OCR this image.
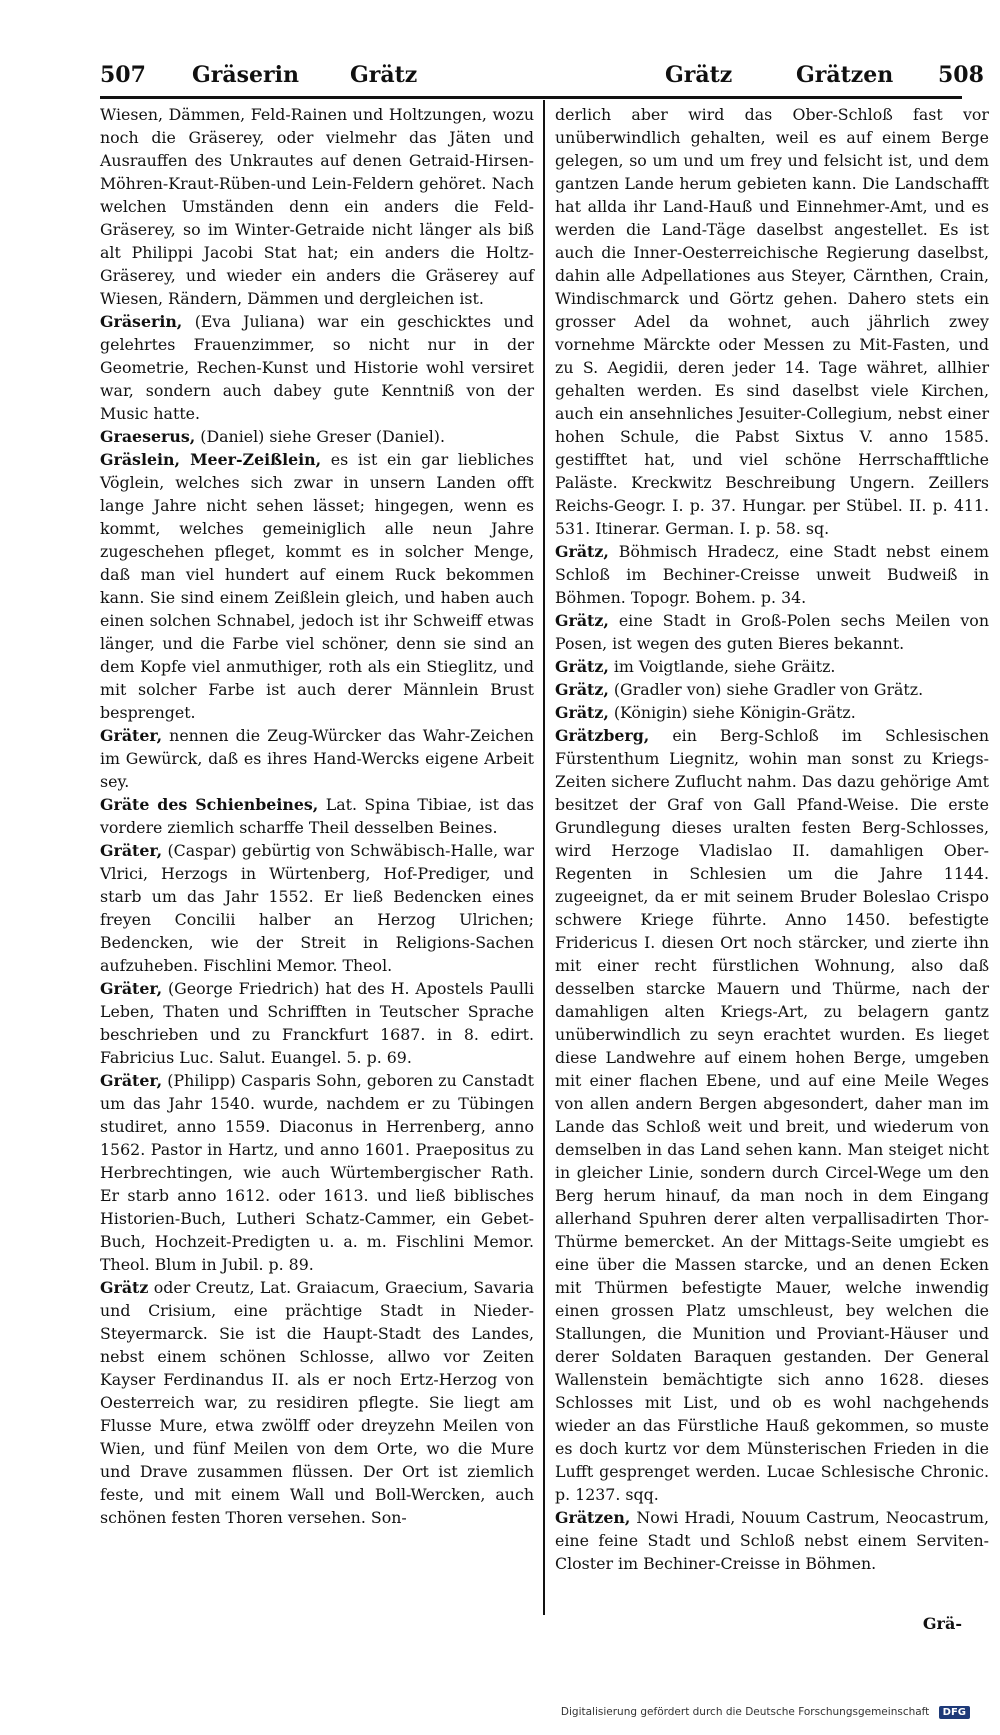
507 Gräserin Grätz	Grätz	Grätzen 508

Wiesen, Dämmen, Feld-Rainen und Holtzungen, wozu noch die Gräserey, oder vielmehr das Jäten und Ausrauffen des Unkrautes auf denen Getraid-Hirsen-Möhren-Kraut-Rüben-und Lein-Feldern gehöret. Nach welchen Umständen denn ein anders die Feld-Gräserey, so im Winter-Getraide nicht länger als biß alt Philippi Jacobi Stat hat; ein anders die Holtz-Gräserey, und wieder ein anders die Gräserey auf Wiesen, Rändern, Dämmen und dergleichen ist.

Gräserin, (Eva Juliana) war ein geschicktes und gelehrtes Frauenzimmer, so nicht nur in der Geometrie, Rechen-Kunst und Historie wohl versiret war, sondern auch dabey gute Kenntniß von der Music hatte.

Graeserus, (Daniel) siehe Greser (Daniel).

Gräslein, Meer-Zeißlein, es ist ein gar liebliches Vöglein, welches sich zwar in unsern Landen offt lange Jahre nicht sehen lässet; hingegen, wenn es kommt, welches gemeiniglich alle neun Jahre zugeschehen pfleget, kommt es in solcher Menge, daß man viel hundert auf einem Ruck bekommen kann. Sie sind einem Zeißlein gleich, und haben auch einen solchen Schnabel, jedoch ist ihr Schweiff etwas länger, und die Farbe viel schöner, denn sie sind an dem Kopfe viel anmuthiger, roth als ein Stieglitz, und mit solcher Farbe ist auch derer Männlein Brust besprenget.

Gräter, nennen die Zeug-Würcker das Wahr-Zeichen im Gewürck, daß es ihres Hand-Wercks eigene Arbeit sey.

Gräte des Schienbeines, Lat. Spina Tibiae, ist das vordere ziemlich scharffe Theil desselben Beines.

Gräter, (Caspar) gebürtig von Schwäbisch-Halle, war Vlrici, Herzogs in Würtenberg, Hof-Prediger, und starb um das Jahr 1552. Er ließ Bedencken eines freyen Concilii halber an Herzog Ulrichen; Bedencken, wie der Streit in Religions-Sachen aufzuheben. Fischlini Memor. Theol.

Gräter, (George Friedrich) hat des H. Apostels Paulli Leben, Thaten und Schrifften in Teutscher Sprache beschrieben und zu Franckfurt 1687. in 8. edirt. Fabricius Luc. Salut. Euangel. 5. p. 69.

Gräter, (Philipp) Casparis Sohn, geboren zu Canstadt um das Jahr 1540. wurde, nachdem er zu Tübingen studiret, anno 1559. Diaconus in Herrenberg, anno 1562. Pastor in Hartz, und anno 1601. Praepositus zu Herbrechtingen, wie auch Würtembergischer Rath. Er starb anno 1612. oder 1613. und ließ biblisches Historien-Buch, Lutheri Schatz-Cammer, ein Gebet-Buch, Hochzeit-Predigten u. a. m. Fischlini Memor. Theol. Blum in Jubil. p. 89.

Grätz oder Creutz, Lat. Graiacum, Graecium, Savaria und Crisium, eine prächtige Stadt in Nieder-Steyermarck. Sie ist die Haupt-Stadt des Landes, nebst einem schönen Schlosse, allwo vor Zeiten Kayser Ferdinandus II. als er noch Ertz-Herzog von Oesterreich war, zu residiren pflegte. Sie liegt am Flusse Mure, etwa zwölff oder dreyzehn Meilen von Wien, und fünf Meilen von dem Orte, wo die Mure und Drave zusammen flüssen. Der Ort ist ziemlich feste, und mit einem Wall und Boll-Wercken, auch schönen festen Thoren versehen. Son-

derlich aber wird das Ober-Schloß fast vor unüberwindlich gehalten, weil es auf einem Berge gelegen, so um und um frey und felsicht ist, und dem gantzen Lande herum gebieten kann. Die Landschafft hat allda ihr Land-Hauß und Einnehmer-Amt, und es werden die Land-Täge daselbst angestellet. Es ist auch die Inner-Oesterreichische Regierung daselbst, dahin alle Adpellationes aus Steyer, Cärnthen, Crain, Windischmarck und Görtz gehen. Dahero stets ein grosser Adel da wohnet, auch jährlich zwey vornehme Märckte oder Messen zu Mit-Fasten, und zu S. Aegidii, deren jeder 14. Tage währet, allhier gehalten werden. Es sind daselbst viele Kirchen, auch ein ansehnliches Jesuiter-Collegium, nebst einer hohen Schule, die Pabst Sixtus V. anno 1585. gestifftet hat, und viel schöne Herrschafftliche Paläste. Kreckwitz Beschreibung Ungern. Zeillers Reichs-Geogr. I. p. 37. Hungar. per Stübel. II. p. 411. 531. Itinerar. German. I. p. 58. sq.

Grätz, Böhmisch Hradecz, eine Stadt nebst einem Schloß im Bechiner-Creisse unweit Budweiß in Böhmen. Topogr. Bohem. p. 34.

Grätz, eine Stadt in Groß-Polen sechs Meilen von Posen, ist wegen des guten Bieres bekannt.

Grätz, im Voigtlande, siehe Gräitz.

Grätz, (Gradler von) siehe Gradler von Grätz.

Grätz, (Königin) siehe Königin-Grätz.

Grätzberg, ein Berg-Schloß im Schlesischen Fürstenthum Liegnitz, wohin man sonst zu Kriegs-Zeiten sichere Zuflucht nahm. Das dazu gehörige Amt besitzet der Graf von Gall Pfand-Weise. Die erste Grundlegung dieses uralten festen Berg-Schlosses, wird Herzoge Vladislao II. damahligen Ober-Regenten in Schlesien um die Jahre 1144. zugeeignet, da er mit seinem Bruder Boleslao Crispo schwere Kriege führte. Anno 1450. befestigte Fridericus I. diesen Ort noch stärcker, und zierte ihn mit einer recht fürstlichen Wohnung, also daß desselben starcke Mauern und Thürme, nach der damahligen alten Kriegs-Art, zu belagern gantz unüberwindlich zu seyn erachtet wurden. Es lieget diese Landwehre auf einem hohen Berge, umgeben mit einer flachen Ebene, und auf eine Meile Weges von allen andern Bergen abgesondert, daher man im Lande das Schloß weit und breit, und wiederum von demselben in das Land sehen kann. Man steiget nicht in gleicher Linie, sondern durch Circel-Wege um den Berg herum hinauf, da man noch in dem Eingang allerhand Spuhren derer alten verpallisadirten Thor-Thürme bemercket. An der Mittags-Seite umgiebt es eine über die Massen starcke, und an denen Ecken mit Thürmen befestigte Mauer, welche inwendig einen grossen Platz umschleust, bey welchen die Stallungen, die Munition und Proviant-Häuser und derer Soldaten Baraquen gestanden. Der General Wallenstein bemächtigte sich anno 1628. dieses Schlosses mit List, und ob es wohl nachgehends wieder an das Fürstliche Hauß gekommen, so muste es doch kurtz vor dem Münsterischen Frieden in die Lufft gesprenget werden. Lucae Schlesische Chronic. p. 1237. sqq.

Grätzen, Nowi Hradi, Nouum Castrum, Neocastrum, eine feine Stadt und Schloß nebst einem Serviten-Closter im Bechiner-Creisse in Böhmen.

Grä-
Digitalisierung gefördert durch die Deutsche Forschungsgemeinschaft DFG
